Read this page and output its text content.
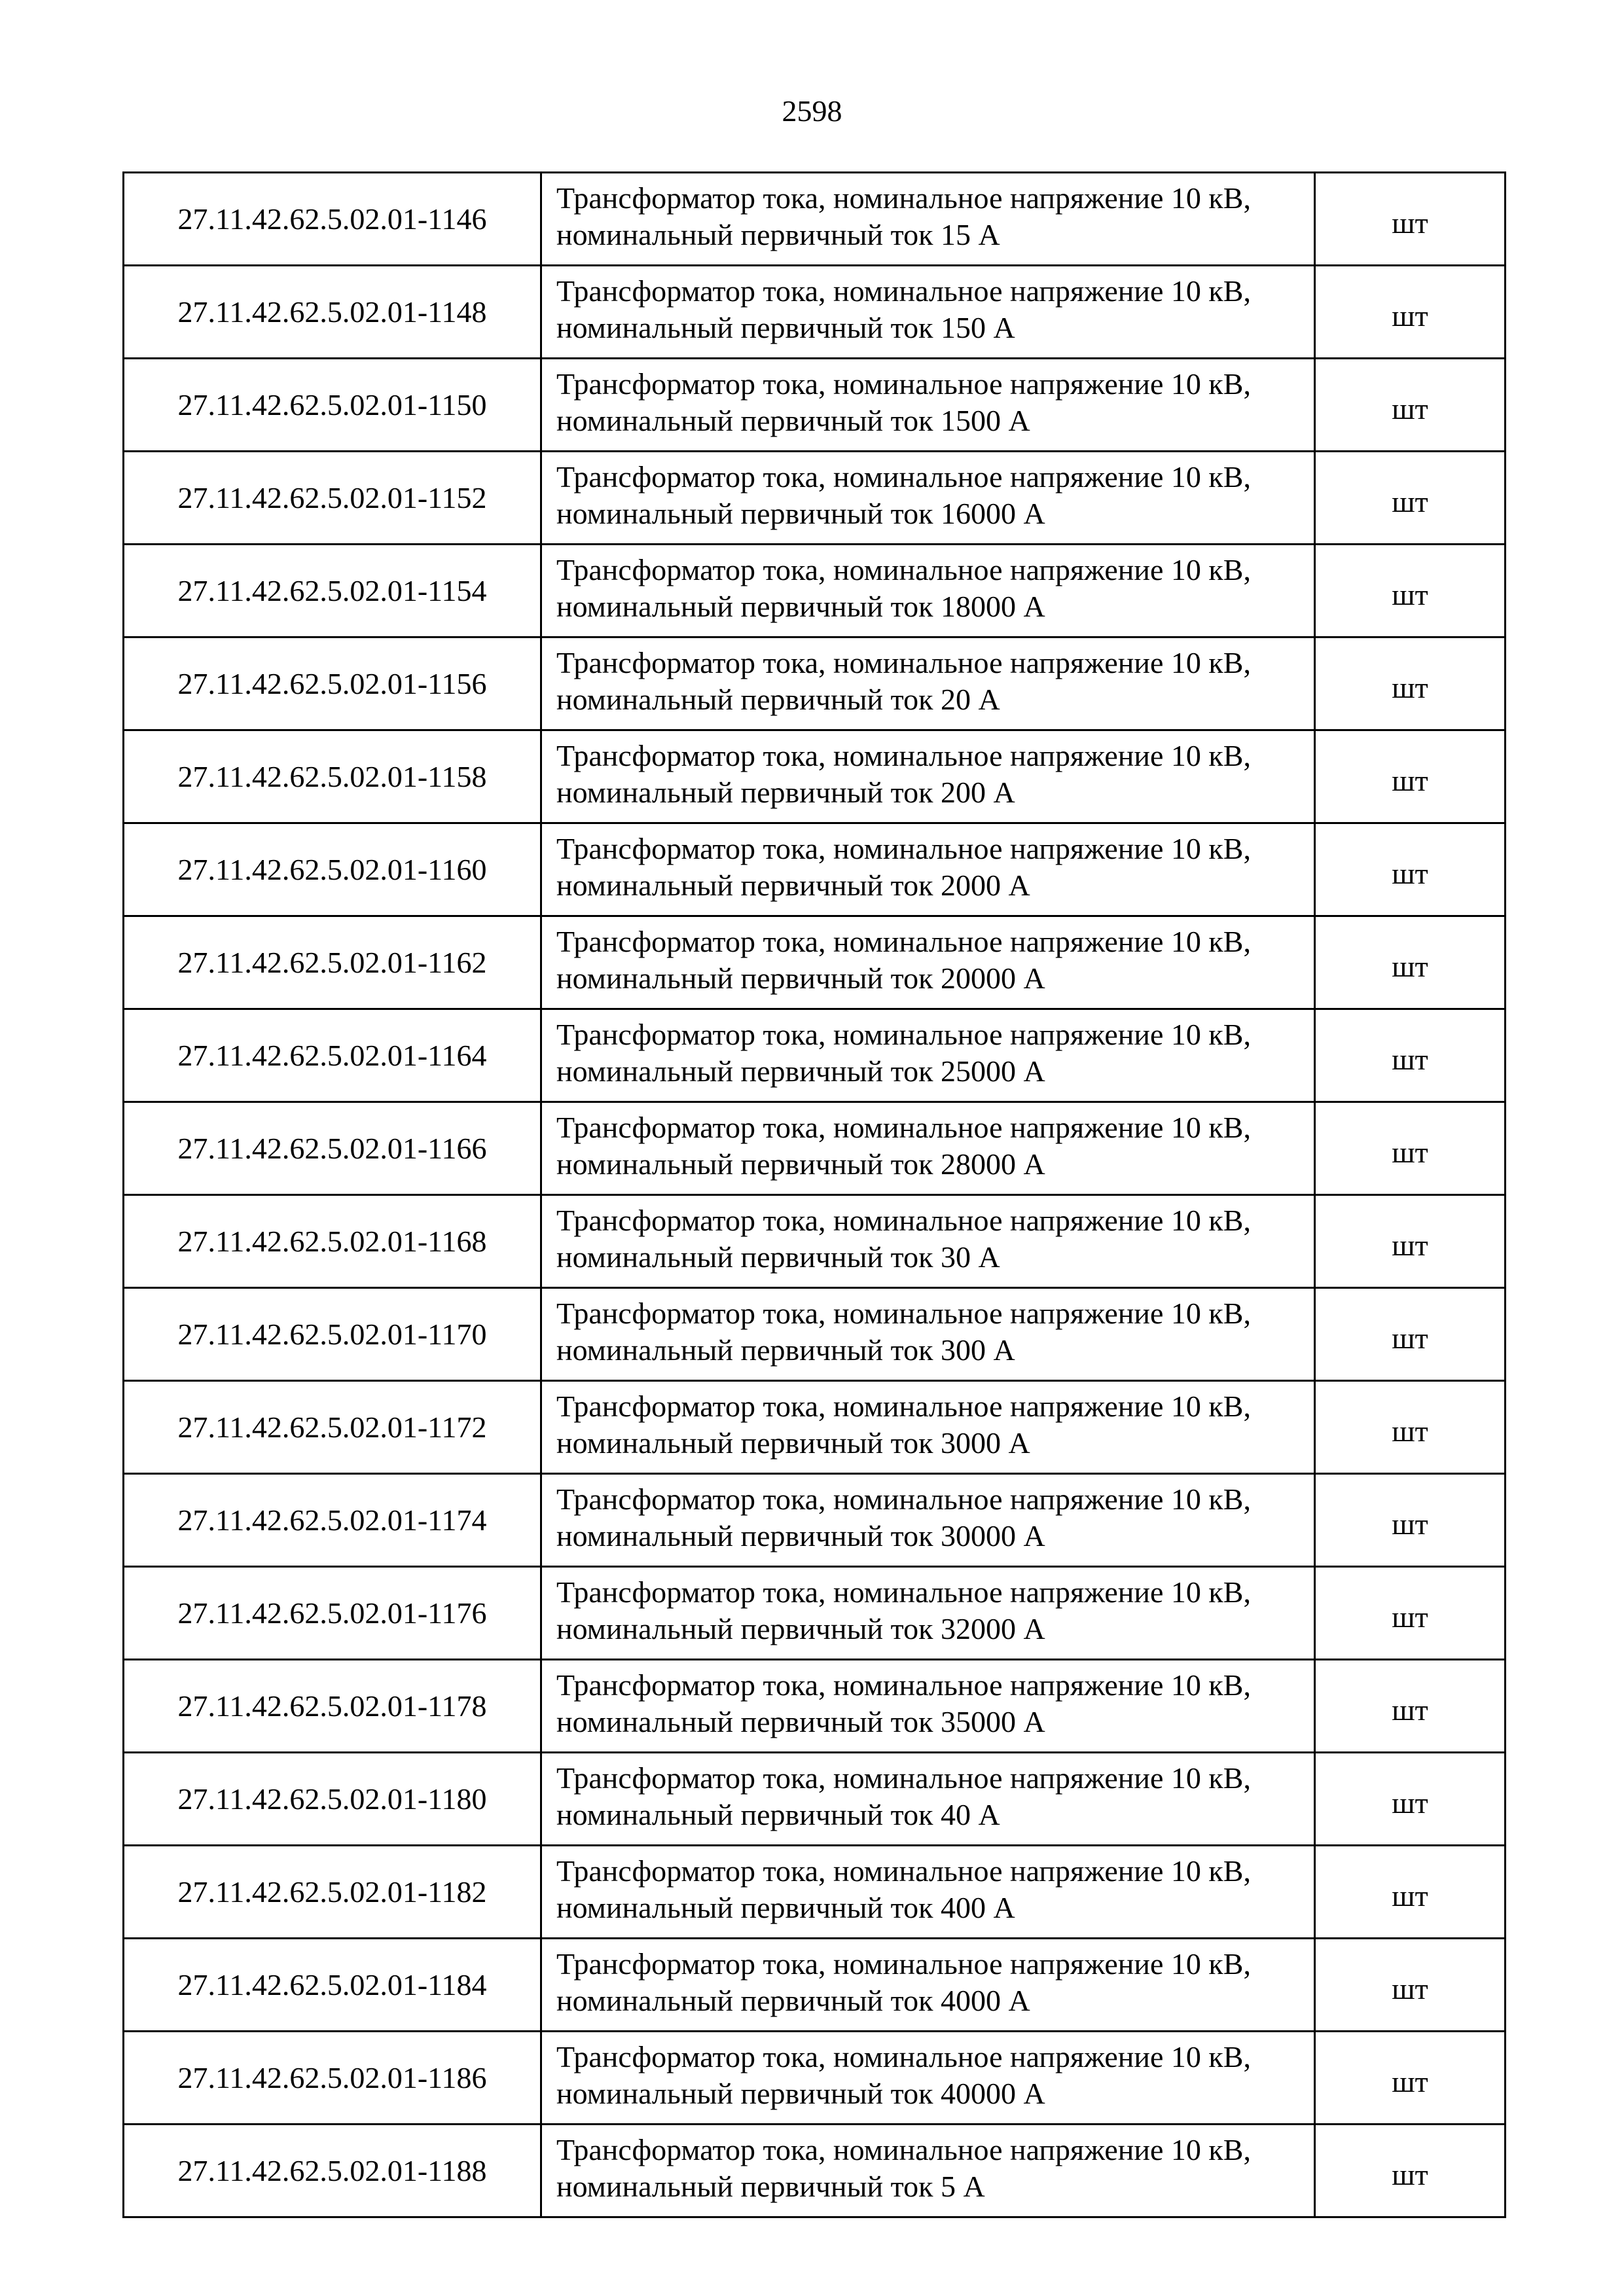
2598
27.11.42.62.5.02.01-1146	Трансформатор тока, номинальное напряжение 10 кВ, номинальный первичный ток 15 А	шт
27.11.42.62.5.02.01-1148	Трансформатор тока, номинальное напряжение 10 кВ, номинальный первичный ток 150 А	шт
27.11.42.62.5.02.01-1150	Трансформатор тока, номинальное напряжение 10 кВ, номинальный первичный ток 1500 А	шт
27.11.42.62.5.02.01-1152	Трансформатор тока, номинальное напряжение 10 кВ, номинальный первичный ток 16000 А	шт
27.11.42.62.5.02.01-1154	Трансформатор тока, номинальное напряжение 10 кВ, номинальный первичный ток 18000 А	шт
27.11.42.62.5.02.01-1156	Трансформатор тока, номинальное напряжение 10 кВ, номинальный первичный ток 20 А	шт
27.11.42.62.5.02.01-1158	Трансформатор тока, номинальное напряжение 10 кВ, номинальный первичный ток 200 А	шт
27.11.42.62.5.02.01-1160	Трансформатор тока, номинальное напряжение 10 кВ, номинальный первичный ток 2000 А	шт
27.11.42.62.5.02.01-1162	Трансформатор тока, номинальное напряжение 10 кВ, номинальный первичный ток 20000 А	шт
27.11.42.62.5.02.01-1164	Трансформатор тока, номинальное напряжение 10 кВ, номинальный первичный ток 25000 А	шт
27.11.42.62.5.02.01-1166	Трансформатор тока, номинальное напряжение 10 кВ, номинальный первичный ток 28000 А	шт
27.11.42.62.5.02.01-1168	Трансформатор тока, номинальное напряжение 10 кВ, номинальный первичный ток 30 А	шт
27.11.42.62.5.02.01-1170	Трансформатор тока, номинальное напряжение 10 кВ, номинальный первичный ток 300 А	шт
27.11.42.62.5.02.01-1172	Трансформатор тока, номинальное напряжение 10 кВ, номинальный первичный ток 3000 А	шт
27.11.42.62.5.02.01-1174	Трансформатор тока, номинальное напряжение 10 кВ, номинальный первичный ток 30000 А	шт
27.11.42.62.5.02.01-1176	Трансформатор тока, номинальное напряжение 10 кВ, номинальный первичный ток 32000 А	шт
27.11.42.62.5.02.01-1178	Трансформатор тока, номинальное напряжение 10 кВ, номинальный первичный ток 35000 А	шт
27.11.42.62.5.02.01-1180	Трансформатор тока, номинальное напряжение 10 кВ, номинальный первичный ток 40 А	шт
27.11.42.62.5.02.01-1182	Трансформатор тока, номинальное напряжение 10 кВ, номинальный первичный ток 400 А	шт
27.11.42.62.5.02.01-1184	Трансформатор тока, номинальное напряжение 10 кВ, номинальный первичный ток 4000 А	шт
27.11.42.62.5.02.01-1186	Трансформатор тока, номинальное напряжение 10 кВ, номинальный первичный ток 40000 А	шт
27.11.42.62.5.02.01-1188	Трансформатор тока, номинальное напряжение 10 кВ, номинальный первичный ток 5 А	шт
